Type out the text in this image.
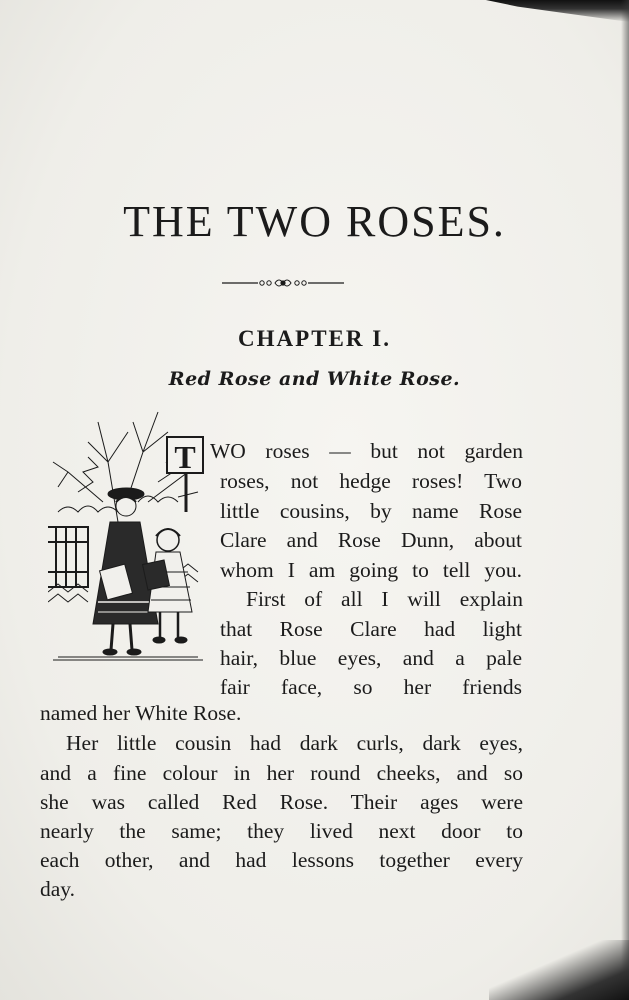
THE TWO ROSES.
CHAPTER I.
Red Rose and White Rose.
T WO roses — but not garden
roses, not hedge roses! Two
little cousins, by name Rose
Clare and Rose Dunn, about
whom I am going to tell you.
First of all I will explain
that Rose Clare had light
hair, blue eyes, and a pale
fair face, so her friends
named her White Rose.
Her little cousin had dark curls, dark eyes,
and a fine colour in her round cheeks, and so
she was called Red Rose. Their ages were
nearly the same; they lived next door to
each other, and had lessons together every
day.
